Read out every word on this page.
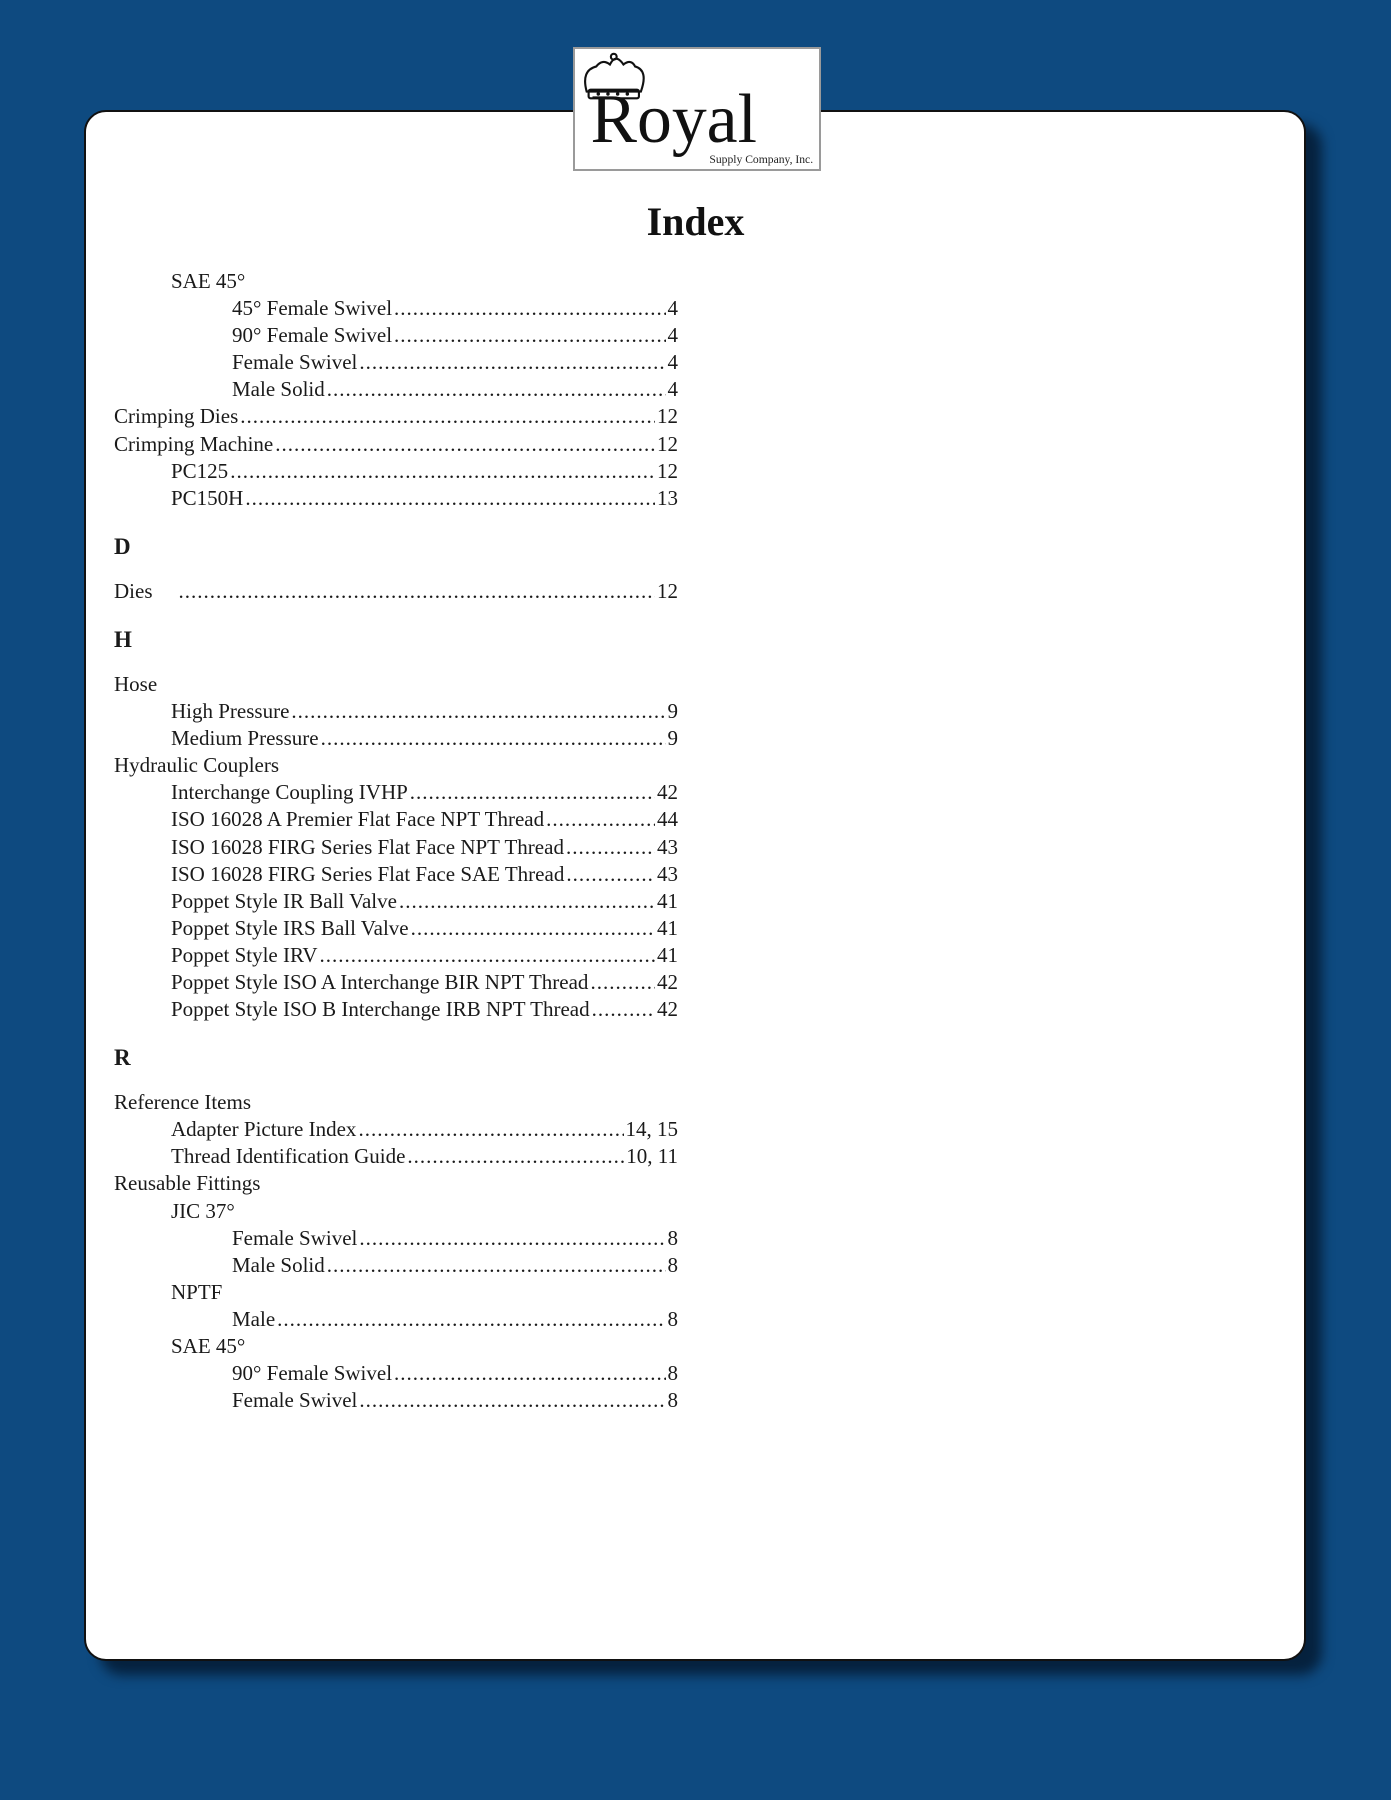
Royal
Supply Company, Inc.
Index
SAE 45°
45° Female Swivel .....	4
90° Female Swivel .....	4
Female Swivel .....	4
Male Solid .....	4
Crimping Dies .....	12
Crimping Machine .....	12
PC125 .....	12
PC150H .....	13
D
Dies .....	12
H
Hose
High Pressure .....	9
Medium Pressure .....	9
Hydraulic Couplers
Interchange Coupling IVHP .....	42
ISO 16028 A Premier Flat Face NPT Thread .....	44
ISO 16028 FIRG Series Flat Face NPT Thread .....	43
ISO 16028 FIRG Series Flat Face SAE Thread .....	43
Poppet Style IR Ball Valve .....	41
Poppet Style IRS Ball Valve .....	41
Poppet Style IRV .....	41
Poppet Style ISO A Interchange BIR NPT Thread .....	42
Poppet Style ISO B Interchange IRB NPT Thread .....	42
R
Reference Items
Adapter Picture Index .....	14, 15
Thread Identification Guide .....	10, 11
Reusable Fittings
JIC 37°
Female Swivel .....	8
Male Solid .....	8
NPTF
Male .....	8
SAE 45°
90° Female Swivel .....	8
Female Swivel .....	8
